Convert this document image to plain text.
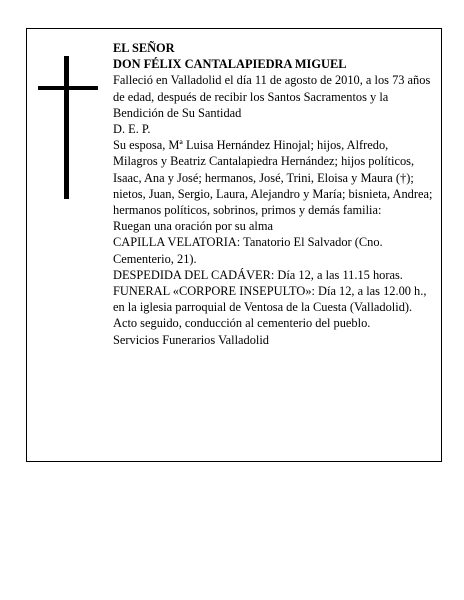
EL SEÑOR

DON FÉLIX CANTALAPIEDRA MIGUEL

Falleció en Valladolid el día 11 de agosto de 2010, a los 73 años de edad, después de recibir los Santos Sacramentos y la Bendición de Su Santidad

D. E. P.

Su esposa, Mª Luisa Hernández Hinojal; hijos, Alfredo, Milagros y Beatriz Cantalapiedra Hernández; hijos políticos, Isaac, Ana y José; hermanos, José, Trini, Eloisa y Maura (†); nietos, Juan, Sergio, Laura, Alejandro y María; bisnieta, Andrea; hermanos políticos, sobrinos, primos y demás familia:

Ruegan una oración por su alma

CAPILLA VELATORIA: Tanatorio El Salvador (Cno. Cementerio, 21).

DESPEDIDA DEL CADÁVER: Día 12, a las 11.15 horas.

FUNERAL «CORPORE INSEPULTO»: Día 12, a las 12.00 h., en la iglesia parroquial de Ventosa de la Cuesta (Valladolid). Acto seguido, conducción al cementerio del pueblo.

Servicios Funerarios Valladolid
